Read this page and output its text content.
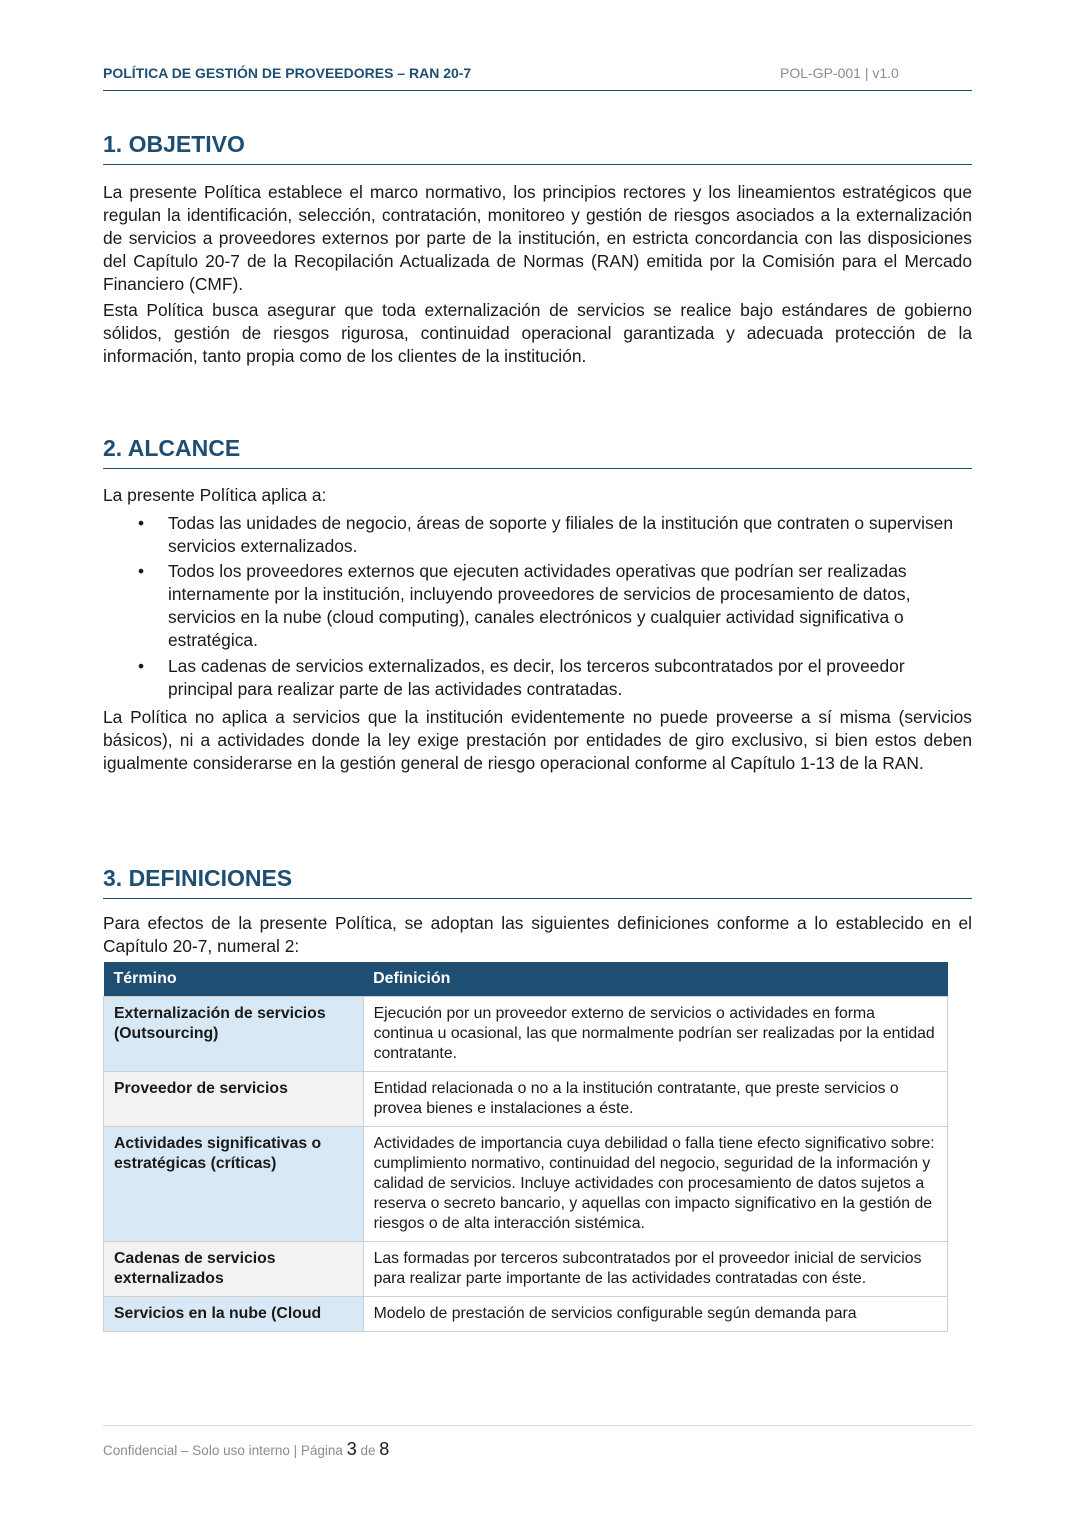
POLÍTICA DE GESTIÓN DE PROVEEDORES – RAN 20-7	POL-GP-001 | v1.0
1. OBJETIVO

La presente Política establece el marco normativo, los principios rectores y los lineamientos estratégicos que regulan la identificación, selección, contratación, monitoreo y gestión de riesgos asociados a la externalización de servicios a proveedores externos por parte de la institución, en estricta concordancia con las disposiciones del Capítulo 20-7 de la Recopilación Actualizada de Normas (RAN) emitida por la Comisión para el Mercado Financiero (CMF).

Esta Política busca asegurar que toda externalización de servicios se realice bajo estándares de gobierno sólidos, gestión de riesgos rigurosa, continuidad operacional garantizada y adecuada protección de la información, tanto propia como de los clientes de la institución.

2. ALCANCE

La presente Política aplica a:

• Todas las unidades de negocio, áreas de soporte y filiales de la institución que contraten o supervisen servicios externalizados.
• Todos los proveedores externos que ejecuten actividades operativas que podrían ser realizadas internamente por la institución, incluyendo proveedores de servicios de procesamiento de datos, servicios en la nube (cloud computing), canales electrónicos y cualquier actividad significativa o estratégica.
• Las cadenas de servicios externalizados, es decir, los terceros subcontratados por el proveedor principal para realizar parte de las actividades contratadas.

La Política no aplica a servicios que la institución evidentemente no puede proveerse a sí misma (servicios básicos), ni a actividades donde la ley exige prestación por entidades de giro exclusivo, si bien estos deben igualmente considerarse en la gestión general de riesgo operacional conforme al Capítulo 1-13 de la RAN.

3. DEFINICIONES

Para efectos de la presente Política, se adoptan las siguientes definiciones conforme a lo establecido en el Capítulo 20-7, numeral 2:

Término	Definición
Externalización de servicios (Outsourcing)	Ejecución por un proveedor externo de servicios o actividades en forma continua u ocasional, las que normalmente podrían ser realizadas por la entidad contratante.
Proveedor de servicios	Entidad relacionada o no a la institución contratante, que preste servicios o provea bienes e instalaciones a éste.
Actividades significativas o estratégicas (críticas)	Actividades de importancia cuya debilidad o falla tiene efecto significativo sobre: cumplimiento normativo, continuidad del negocio, seguridad de la información y calidad de servicios. Incluye actividades con procesamiento de datos sujetos a reserva o secreto bancario, y aquellas con impacto significativo en la gestión de riesgos o de alta interacción sistémica.
Cadenas de servicios externalizados	Las formadas por terceros subcontratados por el proveedor inicial de servicios para realizar parte importante de las actividades contratadas con éste.
Servicios en la nube (Cloud	Modelo de prestación de servicios configurable según demanda para
Confidencial – Solo uso interno | Página 3 de 8
